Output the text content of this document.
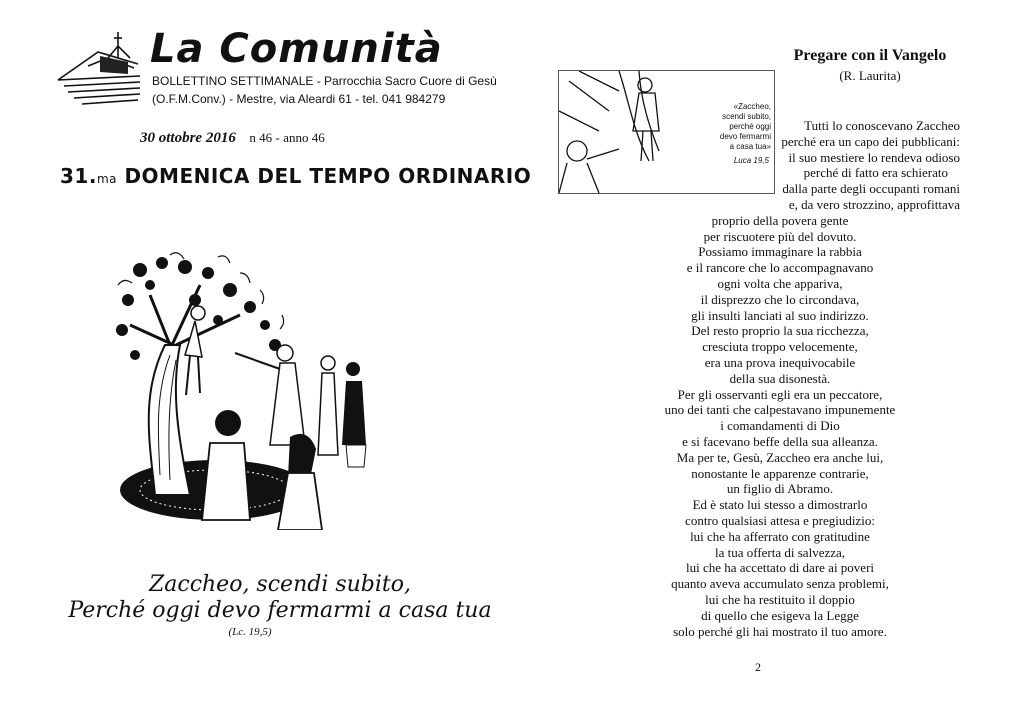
La Comunità
BOLLETTINO SETTIMANALE - Parrocchia Sacro Cuore di Gesù
(O.F.M.Conv.) - Mestre, via Aleardi 61 - tel. 041 984279
30 ottobre 2016 n 46 - anno 46
31.ma DOMENICA DEL TEMPO ORDINARIO
Zaccheo, scendi subito,
Perché oggi devo fermarmi a casa tua
(Lc. 19,5)
«Zaccheo,
scendi subito,
perché oggi
devo fermarmi
a casa tua»
Luca 19,5
Pregare con il Vangelo
(R. Laurita)
Tutti lo conoscevano Zaccheo
perché era un capo dei pubblicani:
il suo mestiere lo rendeva odioso
perché di fatto era schierato
dalla parte degli occupanti romani
e, da vero strozzino, approfittava
proprio della povera gente
per riscuotere più del dovuto.
Possiamo immaginare la rabbia
e il rancore che lo accompagnavano
ogni volta che appariva,
il disprezzo che lo circondava,
gli insulti lanciati al suo indirizzo.
Del resto proprio la sua ricchezza,
cresciuta troppo velocemente,
era una prova inequivocabile
della sua disonestà.
Per gli osservanti egli era un peccatore,
uno dei tanti che calpestavano impunemente
i comandamenti di Dio
e si facevano beffe della sua alleanza.
Ma per te, Gesù, Zaccheo era anche lui,
nonostante le apparenze contrarie,
un figlio di Abramo.
Ed è stato lui stesso a dimostrarlo
contro qualsiasi attesa e pregiudizio:
lui che ha afferrato con gratitudine
la tua offerta di salvezza,
lui che ha accettato di dare ai poveri
quanto aveva accumulato senza problemi,
lui che ha restituito il doppio
di quello che esigeva la Legge
solo perché gli hai mostrato il tuo amore.
2
